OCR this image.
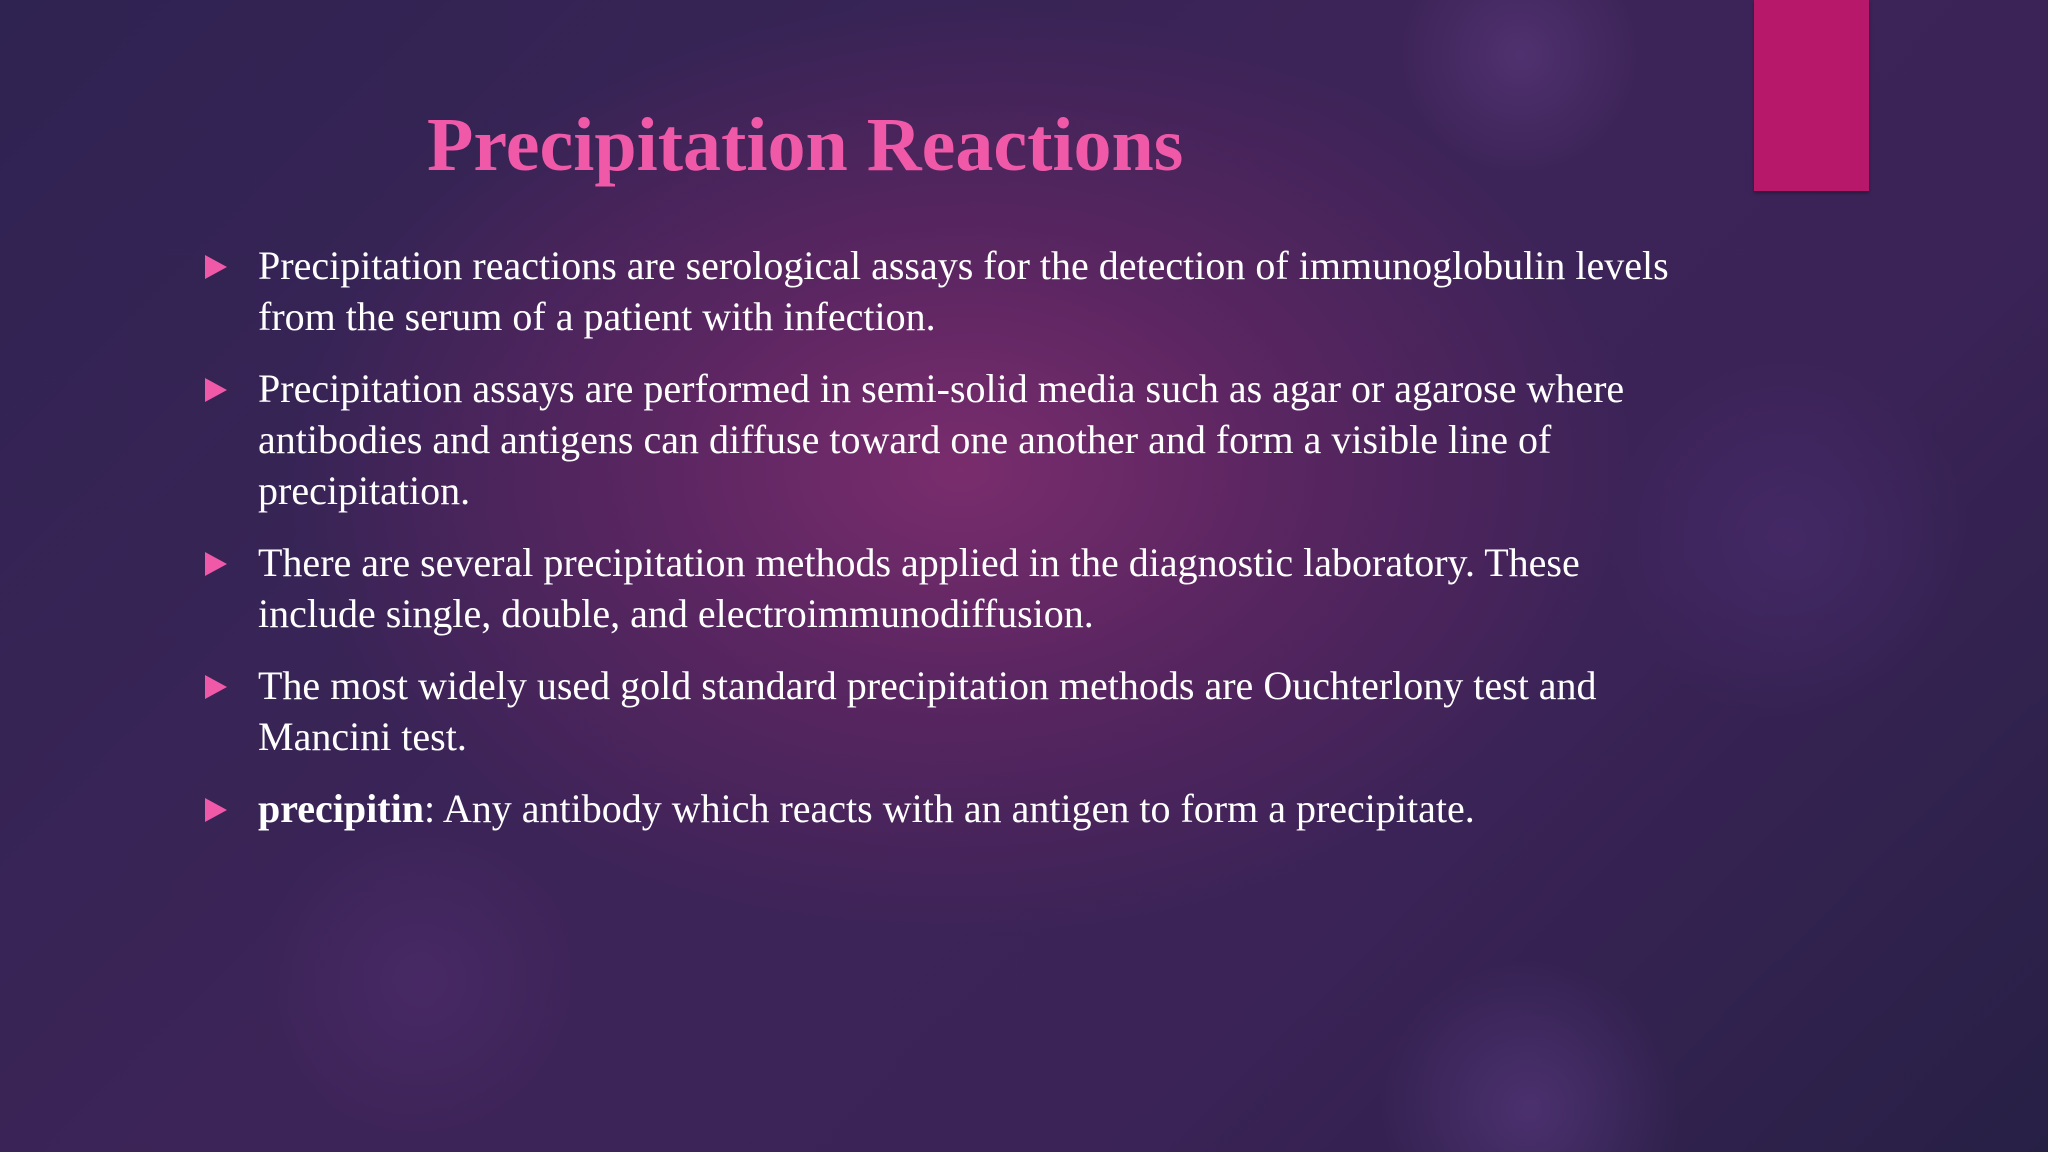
Precipitation Reactions
Precipitation reactions are serological assays for the detection of immunoglobulin levels from the serum of a patient with infection.
Precipitation assays are performed in semi-solid media such as agar or agarose where antibodies and antigens can diffuse toward one another and form a visible line of precipitation.
There are several precipitation methods applied in the diagnostic laboratory. These include single, double, and electroimmunodiffusion.
The most widely used gold standard precipitation methods are Ouchterlony test and Mancini test.
precipitin: Any antibody which reacts with an antigen to form a precipitate.
